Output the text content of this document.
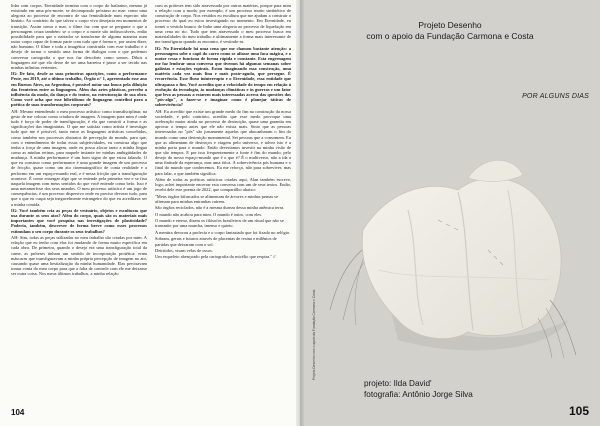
lidar com corpos. Eternidade termina com o corpo do bailarino, mesmo já existindo em uma pós-morte, se decompondo próximo ao mar: como uma alegoria ao processo de encontro de sua feminilidade num espectro não binário. Ao contrário do que talvez o corpo vivo desejaria em momentos de transição. Assim como o mar, o filme faz com que se pergunte o que a personagem cruza também: se o corpo e a morte são indissociáveis, então possibilidade para que o narrador se transforme de alguma maneira num outro corpo capaz de formar parte com tudo que é forma e, por assim dizer, não humano. O filme e toda a imagética construída com esse trabalho e o desejo de tornar o sentido uma forma de dialogar com o que podemos conversar cartografia o que nos faz descobrir como somos. Diluir a linguagem até que ela deixe de ser uma barreira e passe a ser tecido nas minhas infinitas vertentes.

IG: De fato, desde as suas primeiras aparições, como a performance Peste, em 2019, até o último trabalho, Órgão n° 1, apresentado esse ano em Buenos Aires, na Argentina, é possível notar sua busca pela diluição das fronteiras entre as linguagens. Além das artes plásticas, percebo a influência da moda, da dança e do teatro, na estruturação de sua obra. Como você acha que esse hibridismo de linguagem contribui para a poética de suas transformações corporais?

AH: Mesmo entendendo o meu processo artístico como transdisciplinar, na gesto de me colocar como criadora de imagem. A imagem para mim é onde tudo é força de poder de transfiguração, é ela que constrói a forma e as significações das imaginárias. O que me satisfaz como artista é investigar tudo que me é possível, tanto entre as linguagens artísticas concebidas, como também nos processos abstratos de percepção do mundo, para que, com o entendimento de todas essas subjetividades, eu construa algo que tenha a força de uma imagem, onde eu possa alocar tanto a minha língua como as minhas retinas, para naquele instante ter minhas ambigüidades de mudança. A minha performance é um bom signo do que estou falando. O que eu construo como performance é uma grande imagem de um processo de fricção, quase como um ato cinematográfico de conta realidade e a performo em um espaço-mundo real, e é nessa fricção que a transfiguração acontece. É como enxergar algo que se entende pela primeira vez e se fixa naquela imagem com meus sentidos do que você entende como belo. Isso é uma metamorfose dos seus mundos. O meu processo artístico é um jogo de consequências, é um processo dispersivo onde eu preciso devorar tudo, para que o que eu cuspa seja inegavelmente estrangeiro do que eu acreditava ser a minha comida.

IG: Você também cria as peças de vestuário, objetos e esculturas que usa durante os seus atos? Além do corpo, quais são os materiais mais importantes que você pesquisa nas investigações de plasticidade? Poderia, também, descrever de forma breve como esses processos estimulam o seu corpo durante os seus trabalhos?

AH: Sim, todas as peças utilizadas no meu trabalho são criadas por mim. A relação que eu tenho com elas foi mudando de forma muito específica em cada obra. De primeira, quando o desejo era uma transfiguração total da carne, as próteses tinham um sentido de incorporação protética: eram máscaras que transfiguravam a minha própria percepção de imagem no ato, causando quase uma bestialização da minha humanidade. Elas precisavam tomar conta do meu corpo para que a falta de controle com ele me deixasse ser outra coisa. Nos meus últimos trabalhos, a minha relação

com as próteses tem sido atravessada por outras matérias, porque para mim a relação com a moda, por exemplo, é um processo muito simbiótico de construção de corpo. Nos vestidos eu escultura que me ajudam a construir o processo do qual eu estou investigando no momento. Em Eternidade, eu tornei o vestido branco de linho uma alegoria ao processo de liquefação em uma cena no rio. Tudo que tem atravessado o meu processo busca em materialidades do meu trabalho e ultimamente a forma mais interessante de me transfigurar quando as encontro, é vestindo-as.

IG: No Eternidade há uma cena que me chamou bastante atenção: a personagem sobe o capô do carro como se afiasse uma faca mágica, e o motor cessa e funciona de forma rápida e constante. Esta engrenagem me faz lembrar uma conversa que tivemos há algumas semanas sobre galáxias e estações espirais. Estou imaginando essa construção, uma matéria cada vez mais fina e mais poste-aguda, que persegue. É recorrência. Esse fluxo ininterrupto e o Eternidade, essa entidade que ultrapassa o fim. Você acredita que a velocidade do tempo em relação à evolução da tecnologia, às mudanças climáticas e às guerras e um fator que leva as pessoas a estarem mais interessadas acerca das questões dos "pós-algo", a fazer-se e imaginar como é planejar táticas de sobrevivência?

AH: Eu acredito que existe um grande medo do fim na construção da nossa sociedade, e pelo contrário, acredito que esse medo provoque uma aceleração maior ainda no processo de destruição, quase uma garantia em aprovar o tempo antes que ele não exista mais. Sinto que as pessoas interessadas no "pós" são justamente aquelas que abocanharam o fim do mundo como uma destruição monumental. Sei pessoas que a consomem. Eu que as alimentam de destroços e viagens pelo universo, e talvez isto é a minha porta para o mundo. Então deveríamos investir na minha visão de que são tempos. E por isso frequentemente a fonte é fim do mundo, pelo desejo do nosso espaço-mundo que é o que é? É o multiverso, não a ida a uma finitude da esperança, mas uma ótica. A sobrevivência pós humana e o final do mundo que conhecemos. Eu me reforço, não para sobreviver, mas para falar, o que também significa.

Além de todas as poéticas artísticas criadas aqui, Alan também escreve, logo, achei importante encerrar esta conversa com um de seus textos. Então, recebi dele este poema de 2022, que compartilho abaixo:

"Meus órgãos bifurcados se alimentam de árvores e minhas pernas se afirmam para minhas entranhas caírem.

São órgãos reciclados, não é a mesma dureza dessa minha anêmica terra.

O mundo não acabou para mim. O mundo é outro, com eles.

O mundo e eterno, dizem os filósofos brasileiros de um ritual que não se transmite por uma mancha, imenso e quieto.

A mentira devorou a profecia e o corpo fantasiado que foi fixado no relógio.

Sobram, gerais e futuros através de placentas de resina e milênios de partidas que deixaram com o sol.

Detritidos, visam velas de ossos.

Um esqueleto abençoado pela cartografia do micélio que respira." //

104
Projeto Desenho
com o apoio da Fundação Carmona e Costa
POR ALGUNS DIAS
projeto: Ilda David'
fotografia: Antônio Jorge Silva
105
Projeto Desenho com o apoio da Fundação Carmona e Costa
